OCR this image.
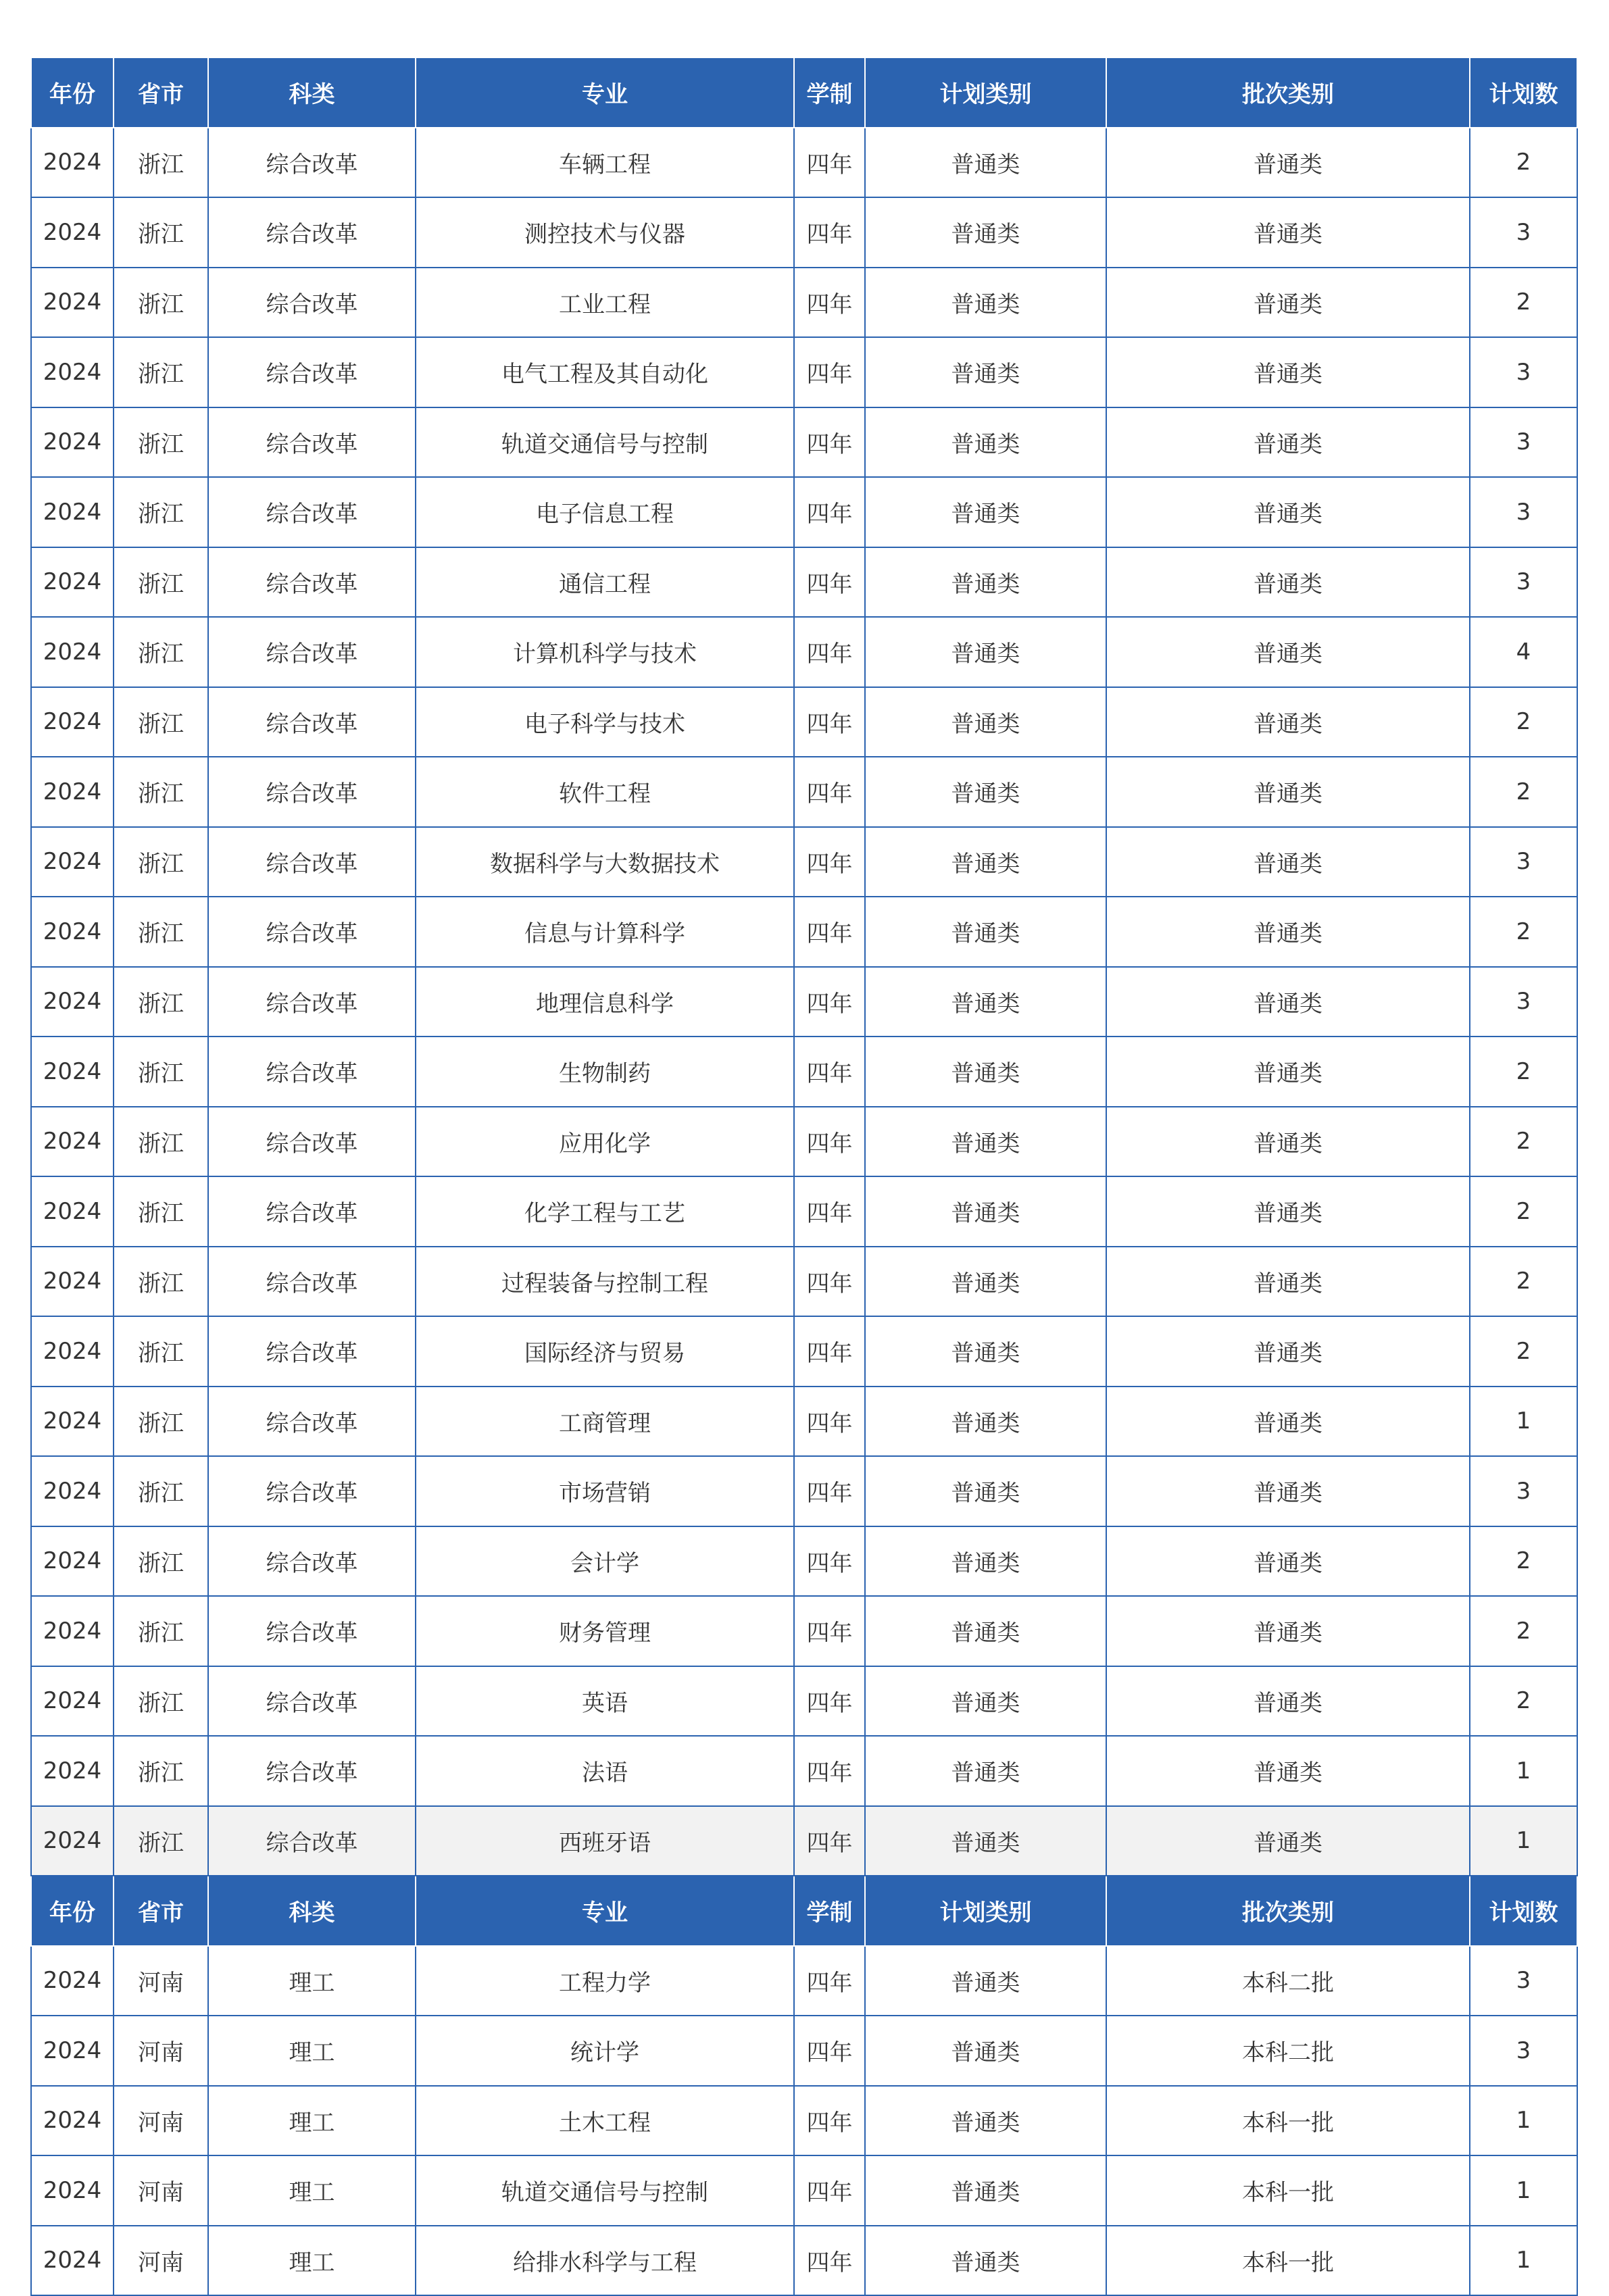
年份	省市	科类	专业	学制	计划类别	批次类别	计划数
2024	浙江	综合改革	车辆工程	四年	普通类	普通类	2
2024	浙江	综合改革	测控技术与仪器	四年	普通类	普通类	3
2024	浙江	综合改革	工业工程	四年	普通类	普通类	2
2024	浙江	综合改革	电气工程及其自动化	四年	普通类	普通类	3
2024	浙江	综合改革	轨道交通信号与控制	四年	普通类	普通类	3
2024	浙江	综合改革	电子信息工程	四年	普通类	普通类	3
2024	浙江	综合改革	通信工程	四年	普通类	普通类	3
2024	浙江	综合改革	计算机科学与技术	四年	普通类	普通类	4
2024	浙江	综合改革	电子科学与技术	四年	普通类	普通类	2
2024	浙江	综合改革	软件工程	四年	普通类	普通类	2
2024	浙江	综合改革	数据科学与大数据技术	四年	普通类	普通类	3
2024	浙江	综合改革	信息与计算科学	四年	普通类	普通类	2
2024	浙江	综合改革	地理信息科学	四年	普通类	普通类	3
2024	浙江	综合改革	生物制药	四年	普通类	普通类	2
2024	浙江	综合改革	应用化学	四年	普通类	普通类	2
2024	浙江	综合改革	化学工程与工艺	四年	普通类	普通类	2
2024	浙江	综合改革	过程装备与控制工程	四年	普通类	普通类	2
2024	浙江	综合改革	国际经济与贸易	四年	普通类	普通类	2
2024	浙江	综合改革	工商管理	四年	普通类	普通类	1
2024	浙江	综合改革	市场营销	四年	普通类	普通类	3
2024	浙江	综合改革	会计学	四年	普通类	普通类	2
2024	浙江	综合改革	财务管理	四年	普通类	普通类	2
2024	浙江	综合改革	英语	四年	普通类	普通类	2
2024	浙江	综合改革	法语	四年	普通类	普通类	1
2024	浙江	综合改革	西班牙语	四年	普通类	普通类	1
年份	省市	科类	专业	学制	计划类别	批次类别	计划数
2024	河南	理工	工程力学	四年	普通类	本科二批	3
2024	河南	理工	统计学	四年	普通类	本科二批	3
2024	河南	理工	土木工程	四年	普通类	本科一批	1
2024	河南	理工	轨道交通信号与控制	四年	普通类	本科一批	1
2024	河南	理工	给排水科学与工程	四年	普通类	本科一批	1
